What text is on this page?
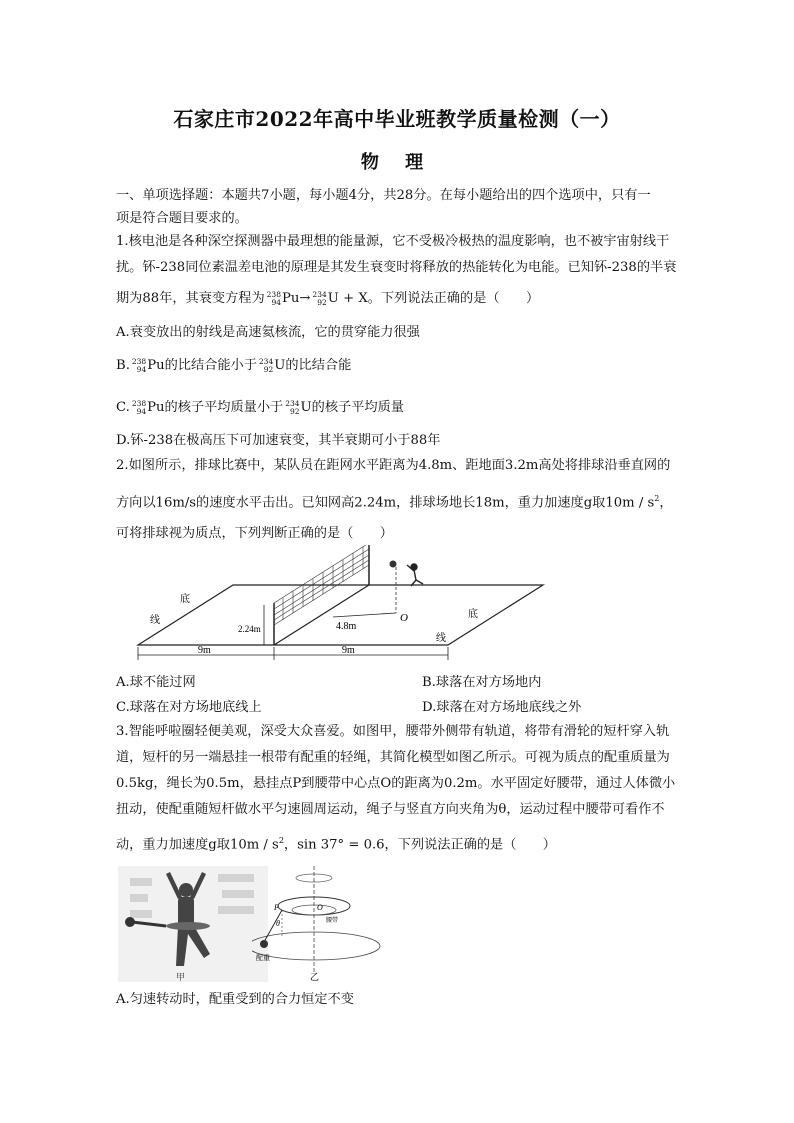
石家庄市2022年高中毕业班教学质量检测（一）
物 理
一、单项选择题：本题共7小题，每小题4分，共28分。在每小题给出的四个选项中，只有一
项是符合题目要求的。
1.核电池是各种深空探测器中最理想的能量源，它不受极冷极热的温度影响，也不被宇宙射线干
扰。钚-238同位素温差电池的原理是其发生衰变时将释放的热能转化为电能。已知钚-238的半衰
期为88年，其衰变方程为 238
94 Pu→ 234
92 U + X。下列说法正确的是（　　）
A.衰变放出的射线是高速氦核流，它的贯穿能力很强
B. 238
94 Pu的比结合能小于 234
92 U的比结合能
C. 238
94 Pu的核子平均质量小于 234
92 U的核子平均质量
D.钚-238在极高压下可加速衰变，其半衰期可小于88年
2.如图所示，排球比赛中，某队员在距网水平距离为4.8m、距地面3.2m高处将排球沿垂直网的
方向以16m/s的速度水平击出。已知网高2.24m，排球场地长18m，重力加速度g取$10m / s^2$，
可将排球视为质点，下列判断正确的是（　　）
2.24m	4.8m
O
底
线
底
线
9m	9m
A.球不能过网	B.球落在对方场地内
C.球落在对方场地底线上	D.球落在对方场地底线之外
3.智能呼啦圈轻便美观，深受大众喜爱。如图甲，腰带外侧带有轨道，将带有滑轮的短杆穿入轨
道，短杆的另一端悬挂一根带有配重的轻绳，其简化模型如图乙所示。可视为质点的配重质量为
0.5kg，绳长为0.5m，悬挂点P到腰带中心点O的距离为0.2m。水平固定好腰带，通过人体微小
扭动，使配重随短杆做水平匀速圆周运动，绳子与竖直方向夹角为θ，运动过程中腰带可看作不
动，重力加速度g取$10m / s^2$，sin 37° = 0.6，下列说法正确的是（　　）
甲
P	O
θ	腰带
配重
乙
A.匀速转动时，配重受到的合力恒定不变
